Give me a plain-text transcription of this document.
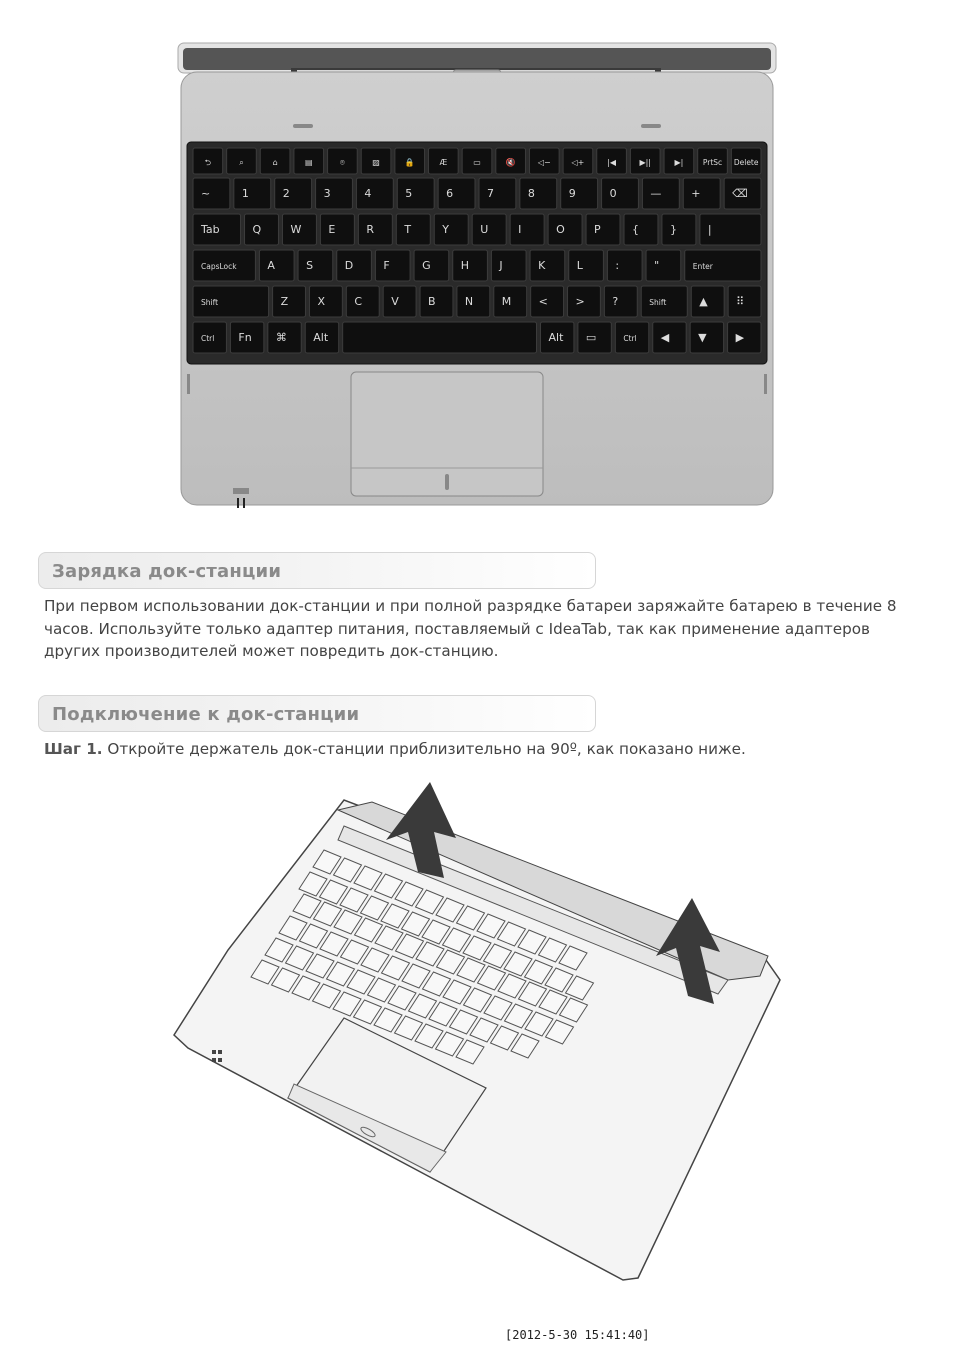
⮌	⌕	⌂	▤	⌾	▨	🔒	Æ	▭	🔇	◁−	◁+	|◀	▶||	▶|	PrtSc Delete
~	1	2	3	4	5	6	7	8	9	0	—	+	⌫
Tab	Q	W E	R	T	Y	U	I	O	P	{	}	|
CapsLock	A	S	D	F	G	H	J	K	L	:	"	Enter
Shift	Z	X	C	V	B	N	M <	>	?	Shift	▲	⠿
Ctrl Fn ⌘ Alt	Alt ▭	Ctrl ◀	▼	▶
Зарядка док-станции

При первом использовании док-станции и при полной разрядке батареи заряжайте батарею в течение 8 часов. Используйте только адаптер питания, поставляемый с IdeaTab, так как применение адаптеров других производителей может повредить док-станцию.

Подключение к док-станции

Шаг 1. Откройте держатель док-станции приблизительно на 90º, как показано ниже.

[2012-5-30 15:41:40]
